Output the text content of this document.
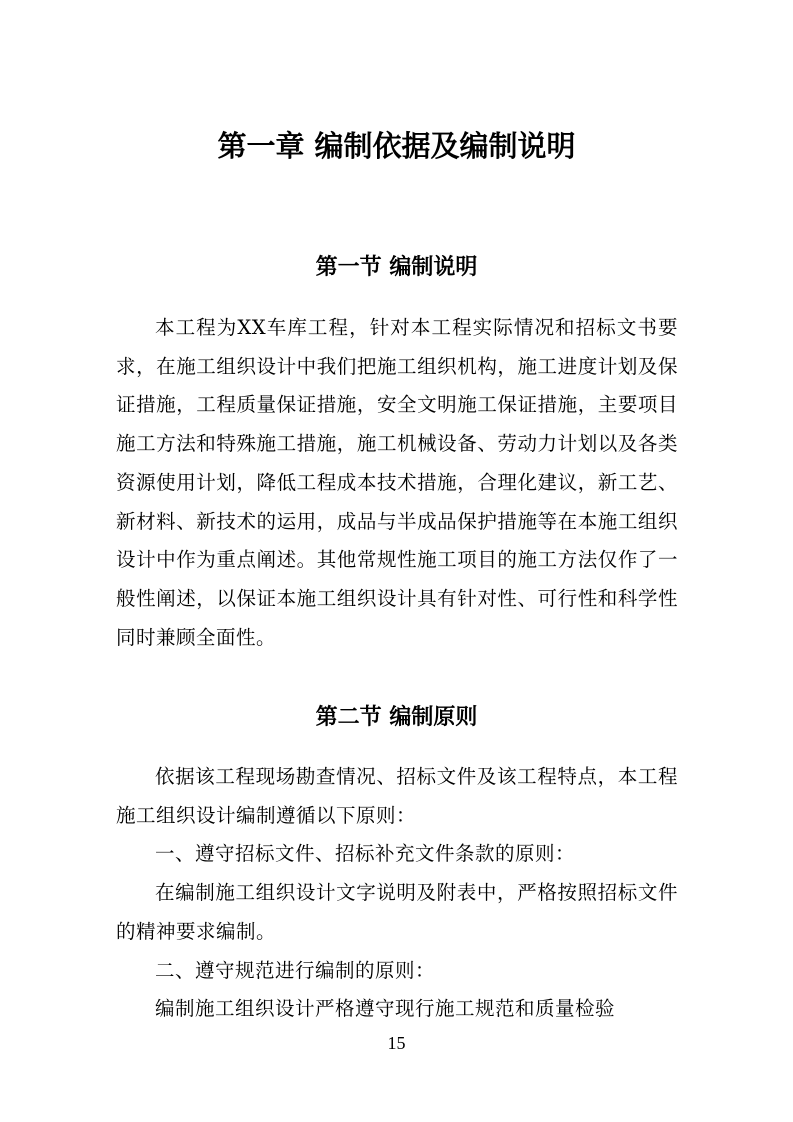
第一章 编制依据及编制说明
第一节 编制说明

本工程为XX车库工程，针对本工程实际情况和招标文书要求，在施工组织设计中我们把施工组织机构，施工进度计划及保证措施，工程质量保证措施，安全文明施工保证措施，主要项目施工方法和特殊施工措施，施工机械设备、劳动力计划以及各类资源使用计划，降低工程成本技术措施，合理化建议，新工艺、新材料、新技术的运用，成品与半成品保护措施等在本施工组织设计中作为重点阐述。其他常规性施工项目的施工方法仅作了一般性阐述，以保证本施工组织设计具有针对性、可行性和科学性同时兼顾全面性。

第二节 编制原则

依据该工程现场勘查情况、招标文件及该工程特点，本工程施工组织设计编制遵循以下原则：

一、遵守招标文件、招标补充文件条款的原则：

在编制施工组织设计文字说明及附表中，严格按照招标文件的精神要求编制。

二、遵守规范进行编制的原则：

编制施工组织设计严格遵守现行施工规范和质量检验

15
